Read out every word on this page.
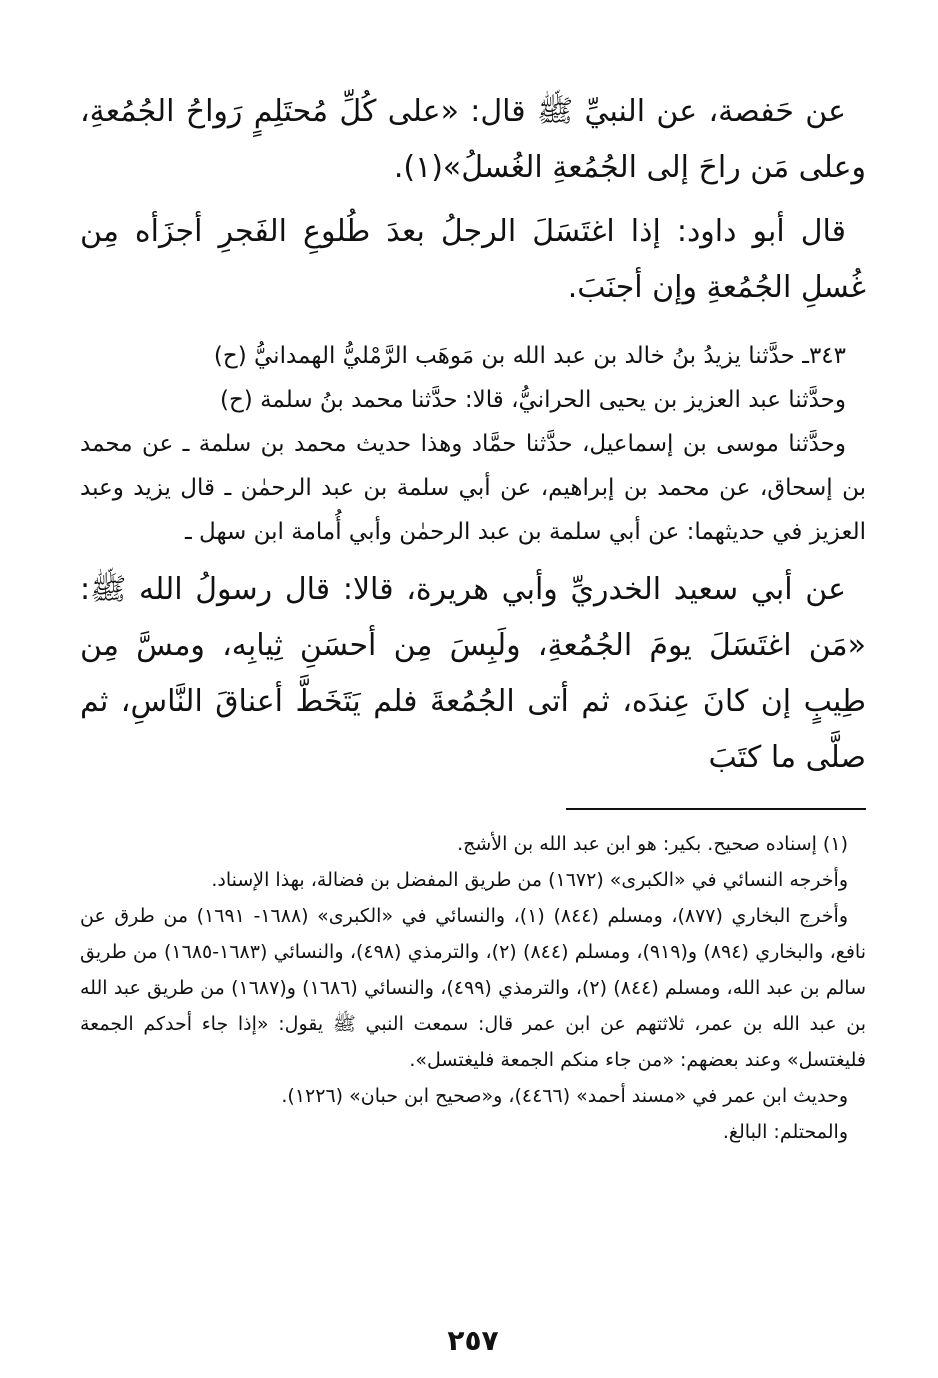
عن حَفصة، عن النبيِّ ﷺ قال: «على كُلِّ مُحتَلِمٍ رَواحُ الجُمُعةِ، وعلى مَن راحَ إلى الجُمُعةِ الغُسلُ»(١).

قال أبو داود: إذا اغتَسَلَ الرجلُ بعدَ طُلوعِ الفَجرِ أجزَأه مِن غُسلِ الجُمُعةِ وإن أجنَبَ.

٣٤٣ـ حدَّثنا يزيدُ بنُ خالد بن عبد الله بن مَوهَب الرَّمْليُّ الهمدانيُّ (ح)

وحدَّثنا عبد العزيز بن يحيى الحرانيُّ، قالا: حدَّثنا محمد بنُ سلمة (ح)

وحدَّثنا موسى بن إسماعيل، حدَّثنا حمَّاد وهذا حديث محمد بن سلمة ـ عن محمد بن إسحاق، عن محمد بن إبراهيم، عن أبي سلمة بن عبد الرحمٰن ـ قال يزيد وعبد العزيز في حديثهما: عن أبي سلمة بن عبد الرحمٰن وأبي أُمامة ابن سهل ـ

عن أبي سعيد الخدريِّ وأبي هريرة، قالا: قال رسولُ الله ﷺ: «مَن اغتَسَلَ يومَ الجُمُعةِ، ولَبِسَ مِن أحسَنِ ثِيابِه، ومسَّ مِن طِيبٍ إن كانَ عِندَه، ثم أتى الجُمُعةَ فلم يَتَخَطَّ أعناقَ النَّاسِ، ثم صلَّى ما كتَبَ

(١) إسناده صحيح. بكير: هو ابن عبد الله بن الأشج.

وأخرجه النسائي في «الكبرى» (١٦٧٢) من طريق المفضل بن فضالة، بهذا الإسناد.

وأخرج البخاري (٨٧٧)، ومسلم (٨٤٤) (١)، والنسائي في «الكبرى» (١٦٨٨- ١٦٩١) من طرق عن نافع، والبخاري (٨٩٤) و(٩١٩)، ومسلم (٨٤٤) (٢)، والترمذي (٤٩٨)، والنسائي (١٦٨٣-١٦٨٥) من طريق سالم بن عبد الله، ومسلم (٨٤٤) (٢)، والترمذي (٤٩٩)، والنسائي (١٦٨٦) و(١٦٨٧) من طريق عبد الله بن عبد الله بن عمر، ثلاثتهم عن ابن عمر قال: سمعت النبي ﷺ يقول: «إذا جاء أحدكم الجمعة فليغتسل» وعند بعضهم: «من جاء منكم الجمعة فليغتسل».

وحديث ابن عمر في «مسند أحمد» (٤٤٦٦)، و«صحيح ابن حبان» (١٢٢٦).

والمحتلم: البالغ.

٢٥٧
